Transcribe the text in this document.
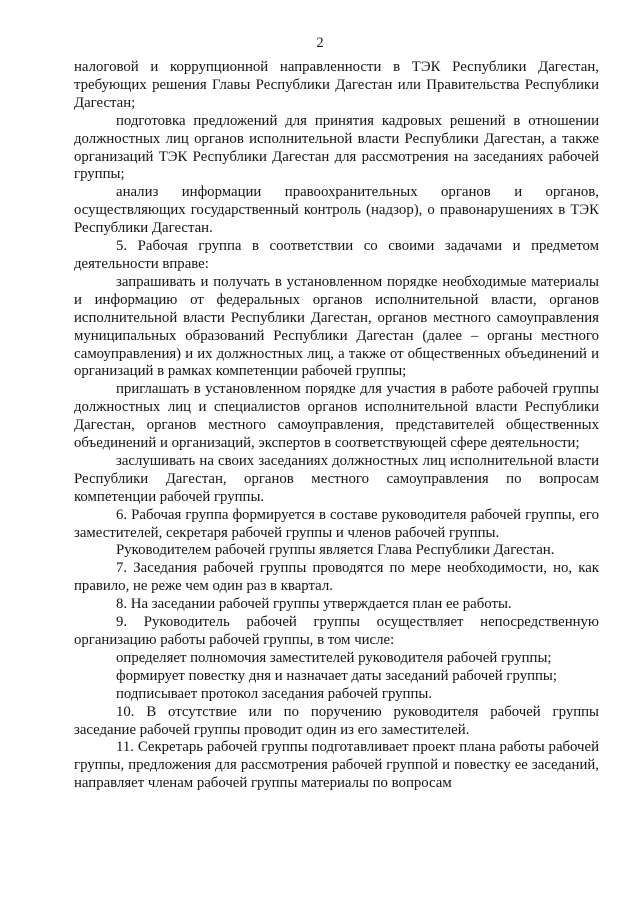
2

налоговой и коррупционной направленности в ТЭК Республики Дагестан, требующих решения Главы Республики Дагестан или Правительства Республики Дагестан;

подготовка предложений для принятия кадровых решений в отношении должностных лиц органов исполнительной власти Республики Дагестан, а также организаций ТЭК Республики Дагестан для рассмотрения на заседаниях рабочей группы;

анализ информации правоохранительных органов и органов, осуществляющих государственный контроль (надзор), о правонарушениях в ТЭК Республики Дагестан.

5. Рабочая группа в соответствии со своими задачами и предметом деятельности вправе:

запрашивать и получать в установленном порядке необходимые материалы и информацию от федеральных органов исполнительной власти, органов исполнительной власти Республики Дагестан, органов местного самоуправления муниципальных образований Республики Дагестан (далее – органы местного самоуправления) и их должностных лиц, а также от общественных объединений и организаций в рамках компетенции рабочей группы;

приглашать в установленном порядке для участия в работе рабочей группы должностных лиц и специалистов органов исполнительной власти Республики Дагестан, органов местного самоуправления, представителей общественных объединений и организаций, экспертов в соответствующей сфере деятельности;

заслушивать на своих заседаниях должностных лиц исполнительной власти Республики Дагестан, органов местного самоуправления по вопросам компетенции рабочей группы.

6. Рабочая группа формируется в составе руководителя рабочей группы, его заместителей, секретаря рабочей группы и членов рабочей группы.

Руководителем рабочей группы является Глава Республики Дагестан.

7. Заседания рабочей группы проводятся по мере необходимости, но, как правило, не реже чем один раз в квартал.

8. На заседании рабочей группы утверждается план ее работы.

9. Руководитель рабочей группы осуществляет непосредственную организацию работы рабочей группы, в том числе:

определяет полномочия заместителей руководителя рабочей группы;

формирует повестку дня и назначает даты заседаний рабочей группы;

подписывает протокол заседания рабочей группы.

10. В отсутствие или по поручению руководителя рабочей группы заседание рабочей группы проводит один из его заместителей.

11. Секретарь рабочей группы подготавливает проект плана работы рабочей группы, предложения для рассмотрения рабочей группой и повестку ее заседаний, направляет членам рабочей группы материалы по вопросам
